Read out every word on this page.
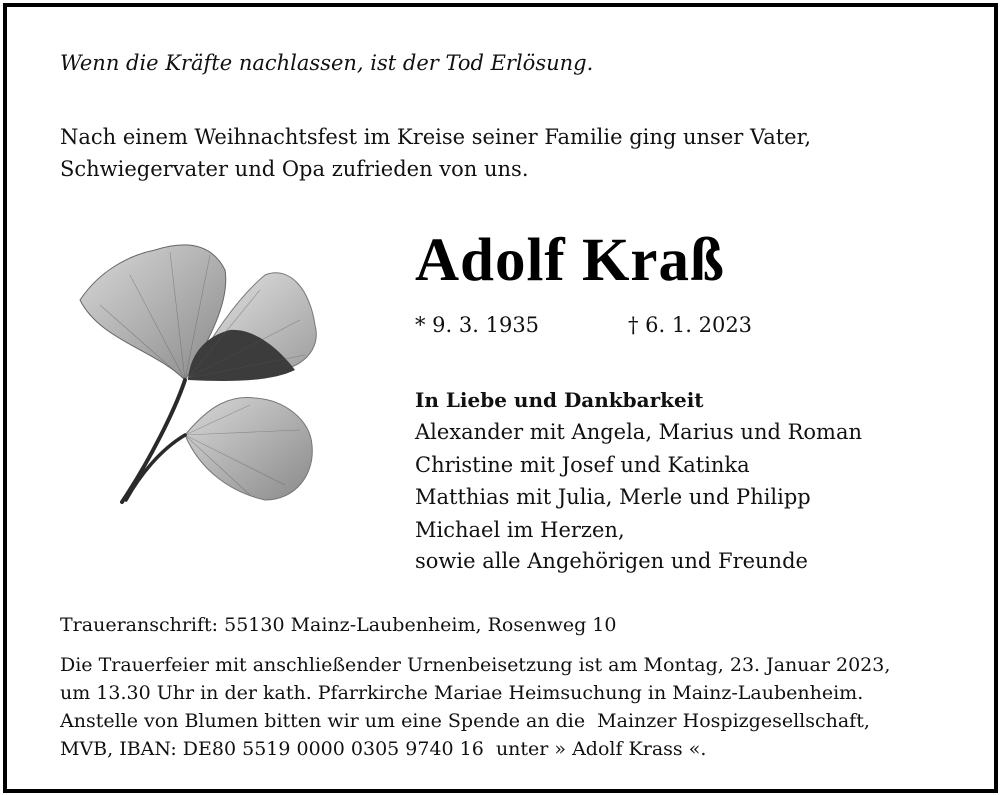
Wenn die Kräfte nachlassen, ist der Tod Erlösung.

Nach einem Weihnachtsfest im Kreise seiner Familie ging unser Vater,
Schwiegervater und Opa zufrieden von uns.
Adolf Kraß
* 9. 3. 1935	† 6. 1. 2023
In Liebe und Dankbarkeit
Alexander mit Angela, Marius und Roman
Christine mit Josef und Katinka
Matthias mit Julia, Merle und Philipp
Michael im Herzen,
sowie alle Angehörigen und Freunde
Traueranschrift: 55130 Mainz-Laubenheim, Rosenweg 10
Die Trauerfeier mit anschließender Urnenbeisetzung ist am Montag, 23. Januar 2023,
um 13.30 Uhr in der kath. Pfarrkirche Mariae Heimsuchung in Mainz-Laubenheim.
Anstelle von Blumen bitten wir um eine Spende an die  Mainzer Hospizgesellschaft,
MVB, IBAN: DE80 5519 0000 0305 9740 16  unter » Adolf Krass «.
